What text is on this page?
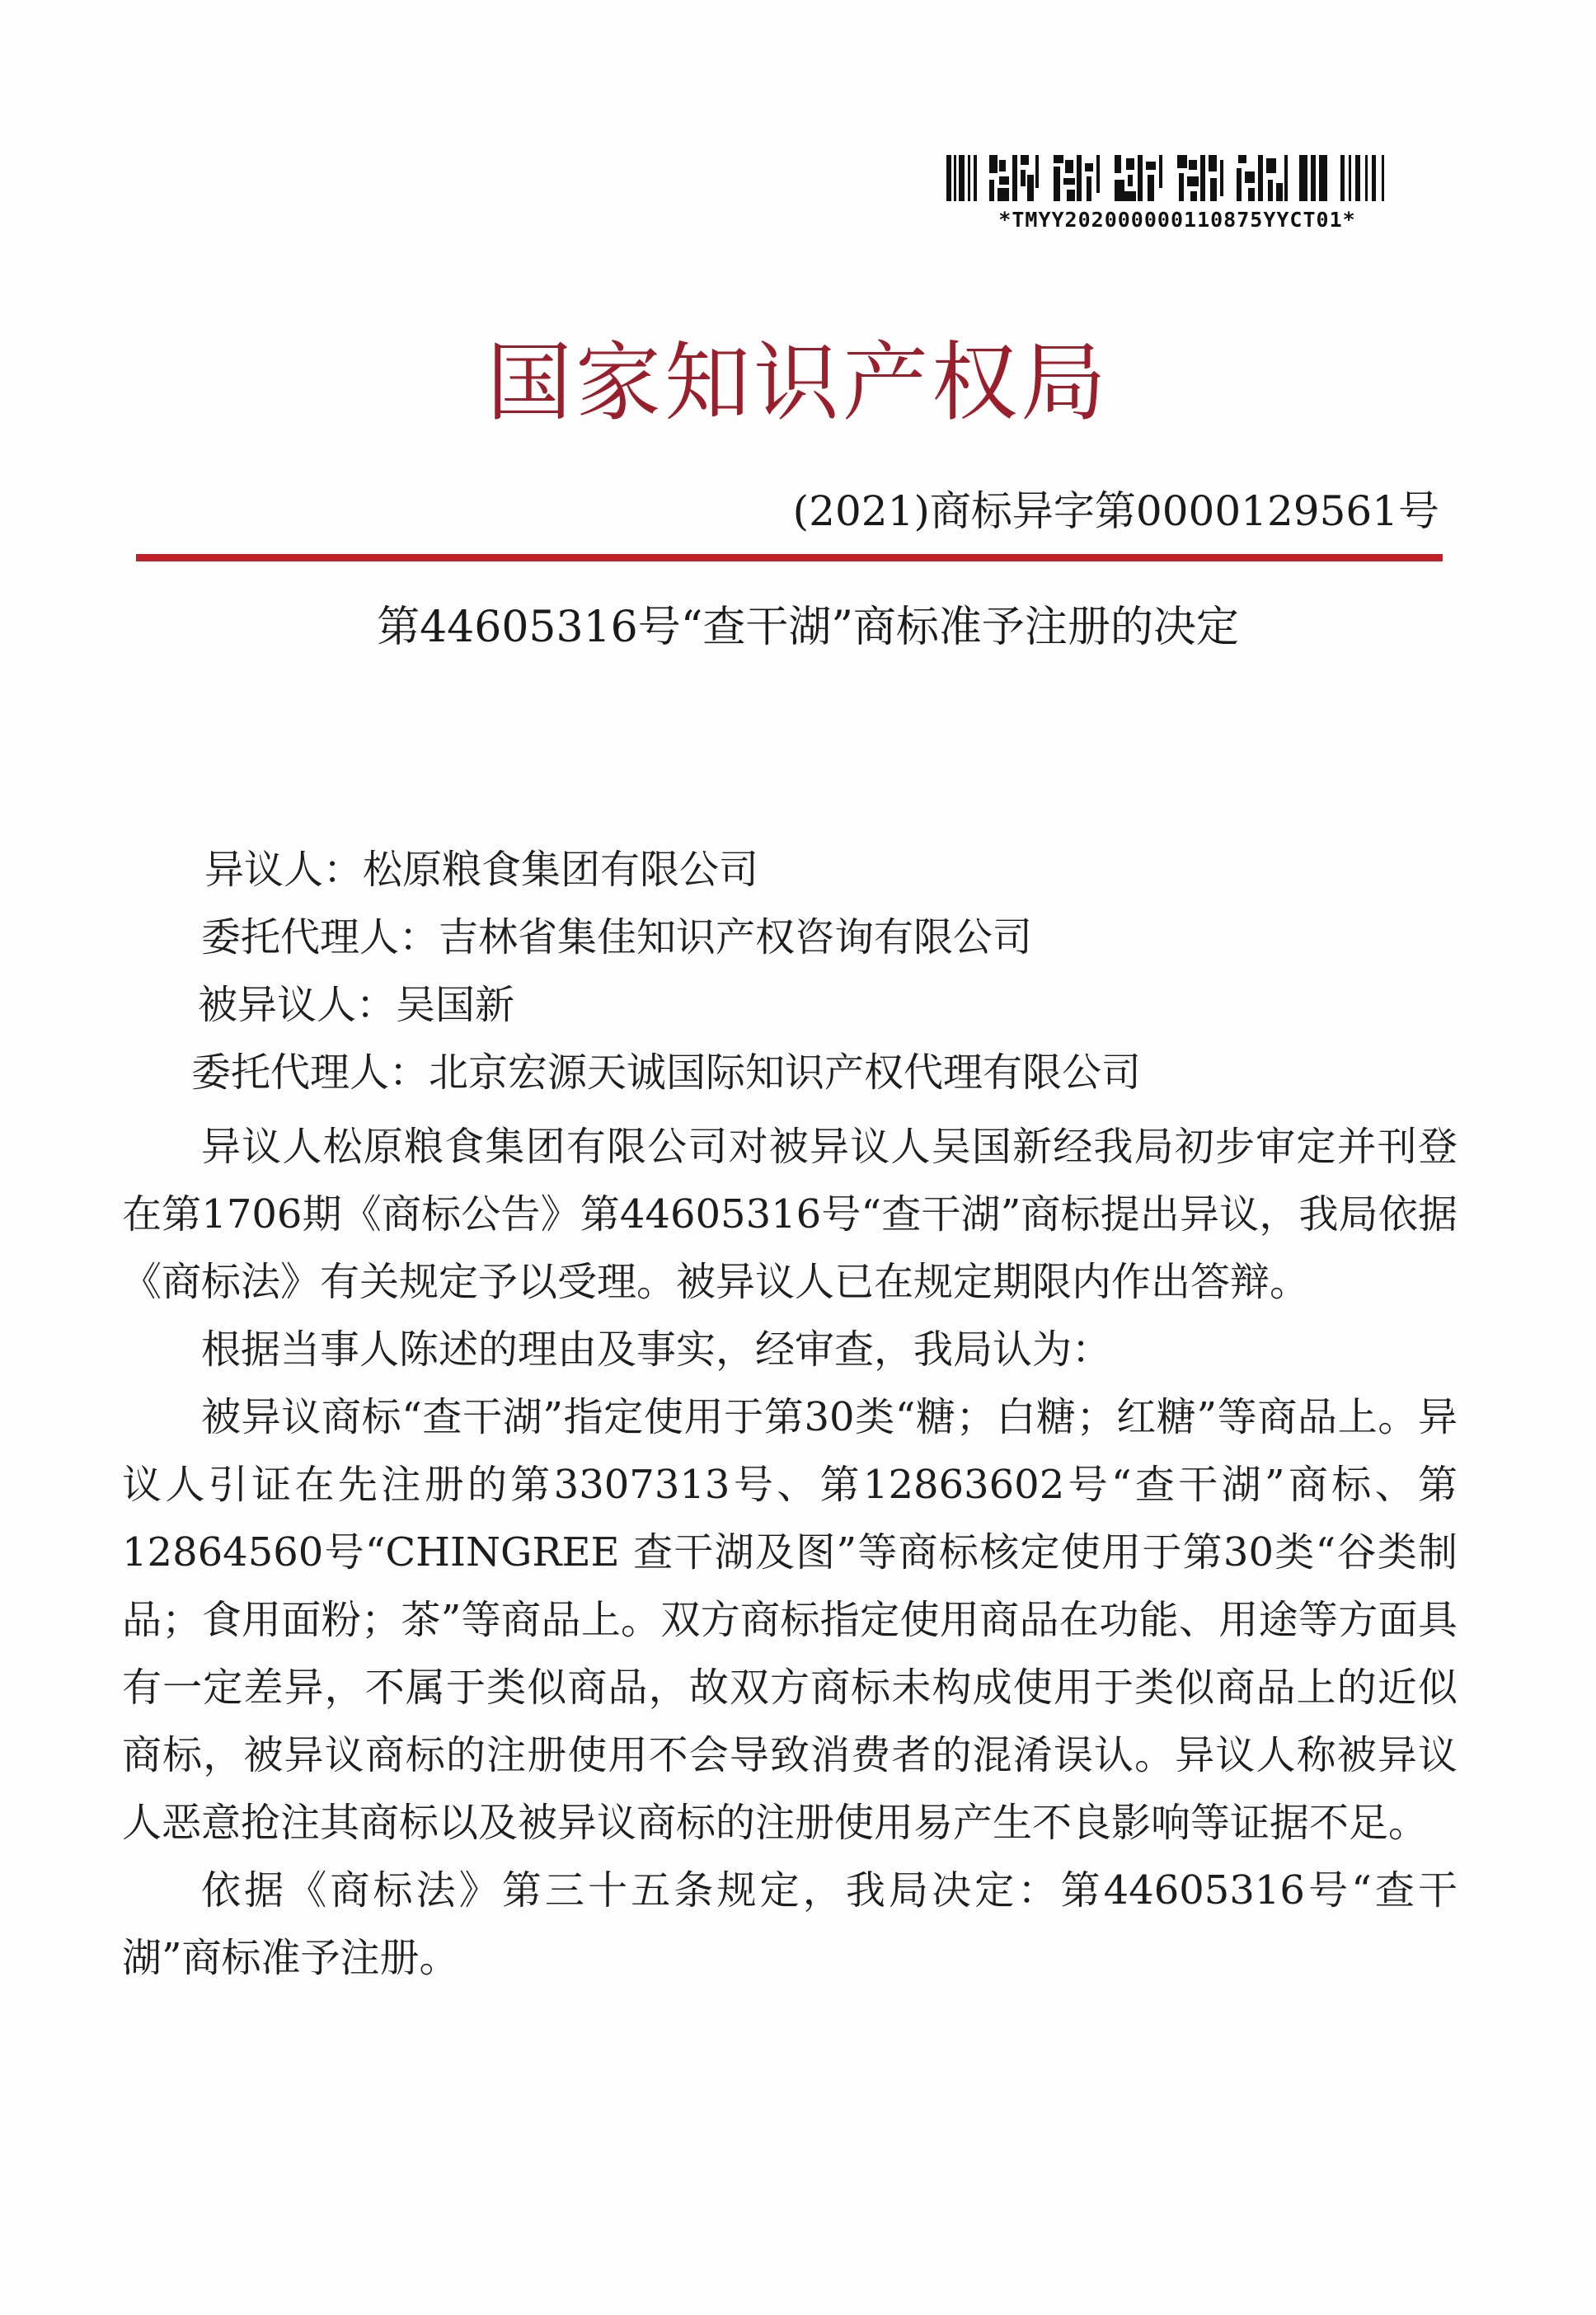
*TMYY202000000110875YYCT01*
国家知识产权局
(2021)商标异字第0000129561号
第44605316号“查干湖”商标准予注册的决定
异议人：松原粮食集团有限公司
委托代理人：吉林省集佳知识产权咨询有限公司
被异议人：吴国新
委托代理人：北京宏源天诚国际知识产权代理有限公司

异议人松原粮食集团有限公司对被异议人吴国新经我局初步审定并刊登在第1706期《商标公告》第44605316号“查干湖”商标提出异议，我局依据《商标法》有关规定予以受理。被异议人已在规定期限内作出答辩。

根据当事人陈述的理由及事实，经审查，我局认为：

被异议商标“查干湖”指定使用于第30类“糖；白糖；红糖”等商品上。异议人引证在先注册的第3307313号、第12863602号“查干湖”商标、第12864560号“CHINGREE 查干湖及图”等商标核定使用于第30类“谷类制品；食用面粉；茶”等商品上。双方商标指定使用商品在功能、用途等方面具有一定差异，不属于类似商品，故双方商标未构成使用于类似商品上的近似商标，被异议商标的注册使用不会导致消费者的混淆误认。异议人称被异议人恶意抢注其商标以及被异议商标的注册使用易产生不良影响等证据不足。

依据《商标法》第三十五条规定，我局决定：第44605316号“查干湖”商标准予注册。
